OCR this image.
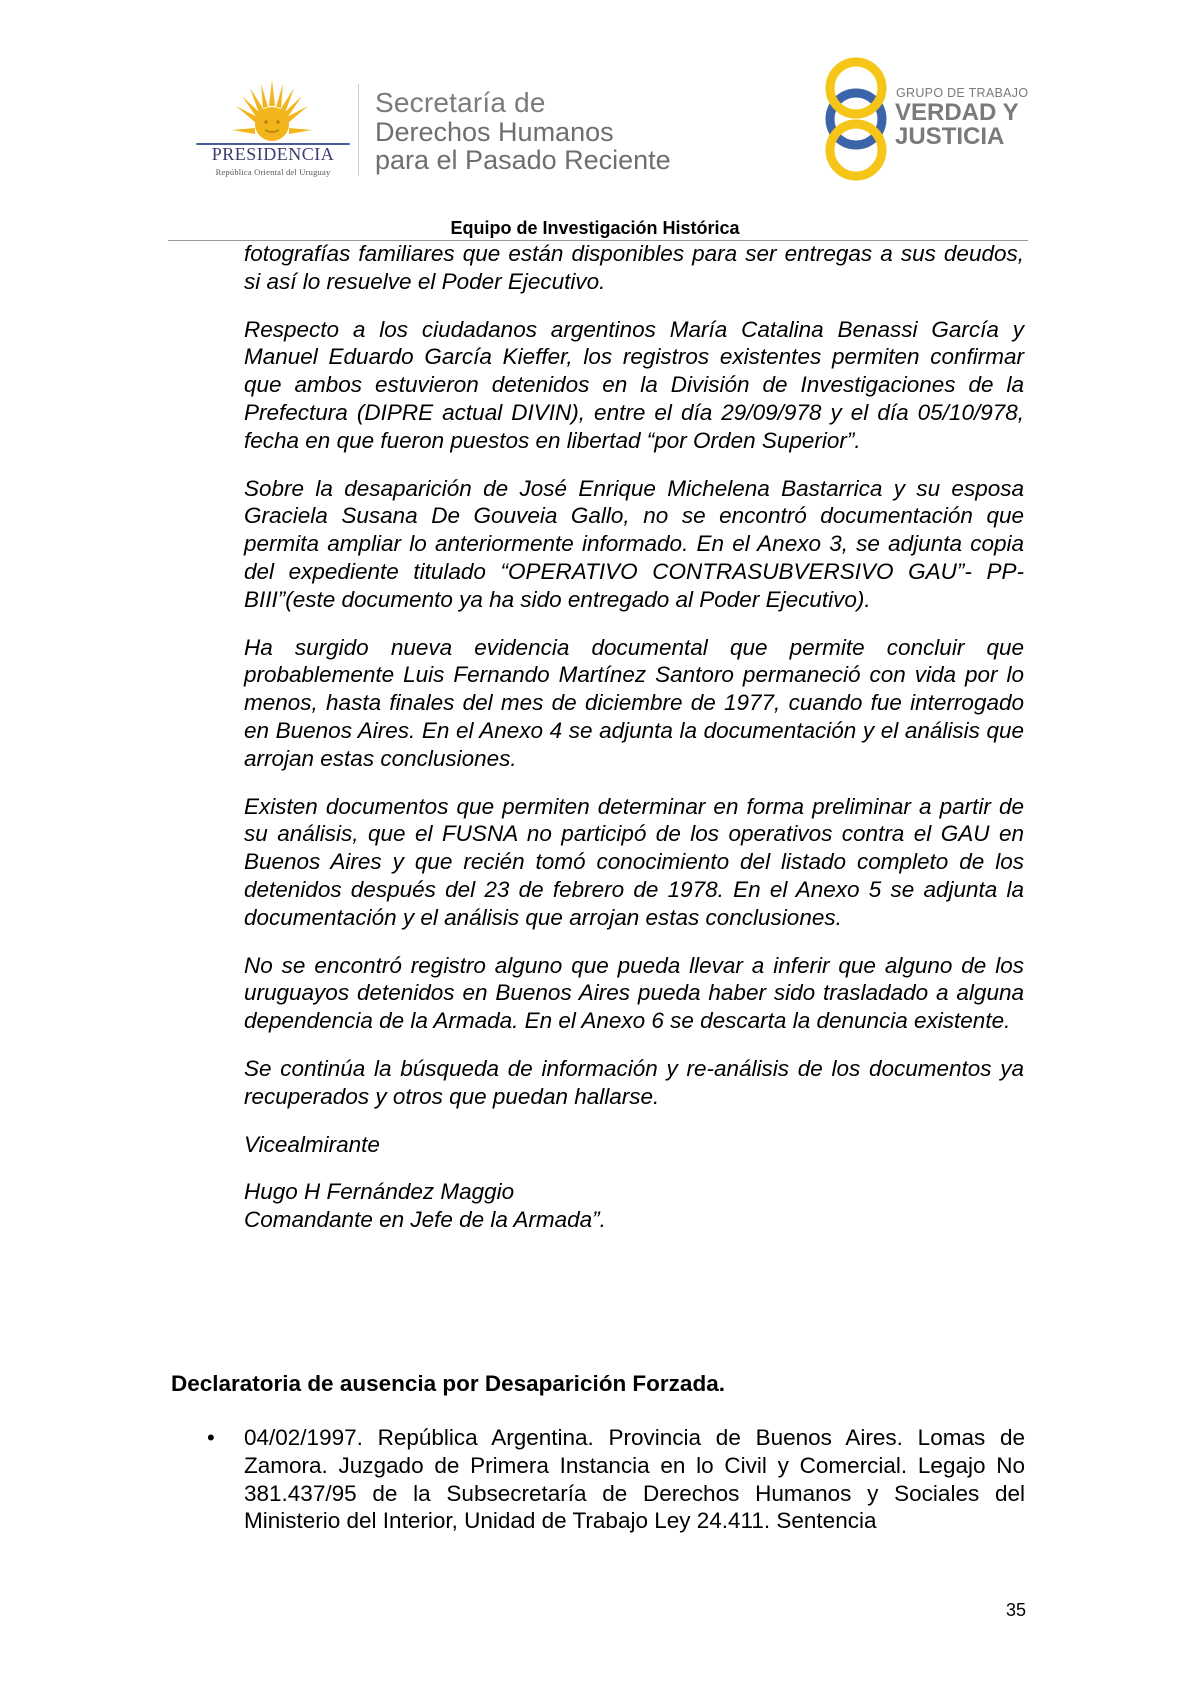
PRESIDENCIA
República Oriental del Uruguay
Secretaría de
Derechos Humanos
para el Pasado Reciente
GRUPO DE TRABAJO
VERDAD Y
JUSTICIA
Equipo de Investigación Histórica

fotografías familiares que están disponibles para ser entregas a sus deudos, si así lo resuelve el Poder Ejecutivo.

Respecto a los ciudadanos argentinos María Catalina Benassi García y Manuel Eduardo García Kieffer, los registros existentes permiten confirmar que ambos estuvieron detenidos en la División de Investigaciones de la Prefectura (DIPRE actual DIVIN), entre el día 29/09/978 y el día 05/10/978, fecha en que fueron puestos en libertad “por Orden Superior”.

Sobre la desaparición de José Enrique Michelena Bastarrica y su esposa Graciela Susana De Gouveia Gallo, no se encontró documentación que permita ampliar lo anteriormente informado. En el Anexo 3, se adjunta copia del expediente titulado “OPERATIVO CONTRASUBVERSIVO GAU”- PP-BIII”(este documento ya ha sido entregado al Poder Ejecutivo).

Ha surgido nueva evidencia documental que permite concluir que probablemente Luis Fernando Martínez Santoro permaneció con vida por lo menos, hasta finales del mes de diciembre de 1977, cuando fue interrogado en Buenos Aires. En el Anexo 4 se adjunta la documentación y el análisis que arrojan estas conclusiones.

Existen documentos que permiten determinar en forma preliminar a partir de su análisis, que el FUSNA no participó de los operativos contra el GAU en Buenos Aires y que recién tomó conocimiento del listado completo de los detenidos después del 23 de febrero de 1978. En el Anexo 5 se adjunta la documentación y el análisis que arrojan estas conclusiones.

No se encontró registro alguno que pueda llevar a inferir que alguno de los uruguayos detenidos en Buenos Aires pueda haber sido trasladado a alguna dependencia de la Armada. En el Anexo 6 se descarta la denuncia existente.

Se continúa la búsqueda de información y re-análisis de los documentos ya recuperados y otros que puedan hallarse.

Vicealmirante

Hugo H Fernández Maggio
Comandante en Jefe de la Armada”.

Declaratoria de ausencia por Desaparición Forzada.
• 04/02/1997. República Argentina. Provincia de Buenos Aires. Lomas de Zamora. Juzgado de Primera Instancia en lo Civil y Comercial. Legajo No 381.437/95 de la Subsecretaría de Derechos Humanos y Sociales del Ministerio del Interior, Unidad de Trabajo Ley 24.411. Sentencia
35
